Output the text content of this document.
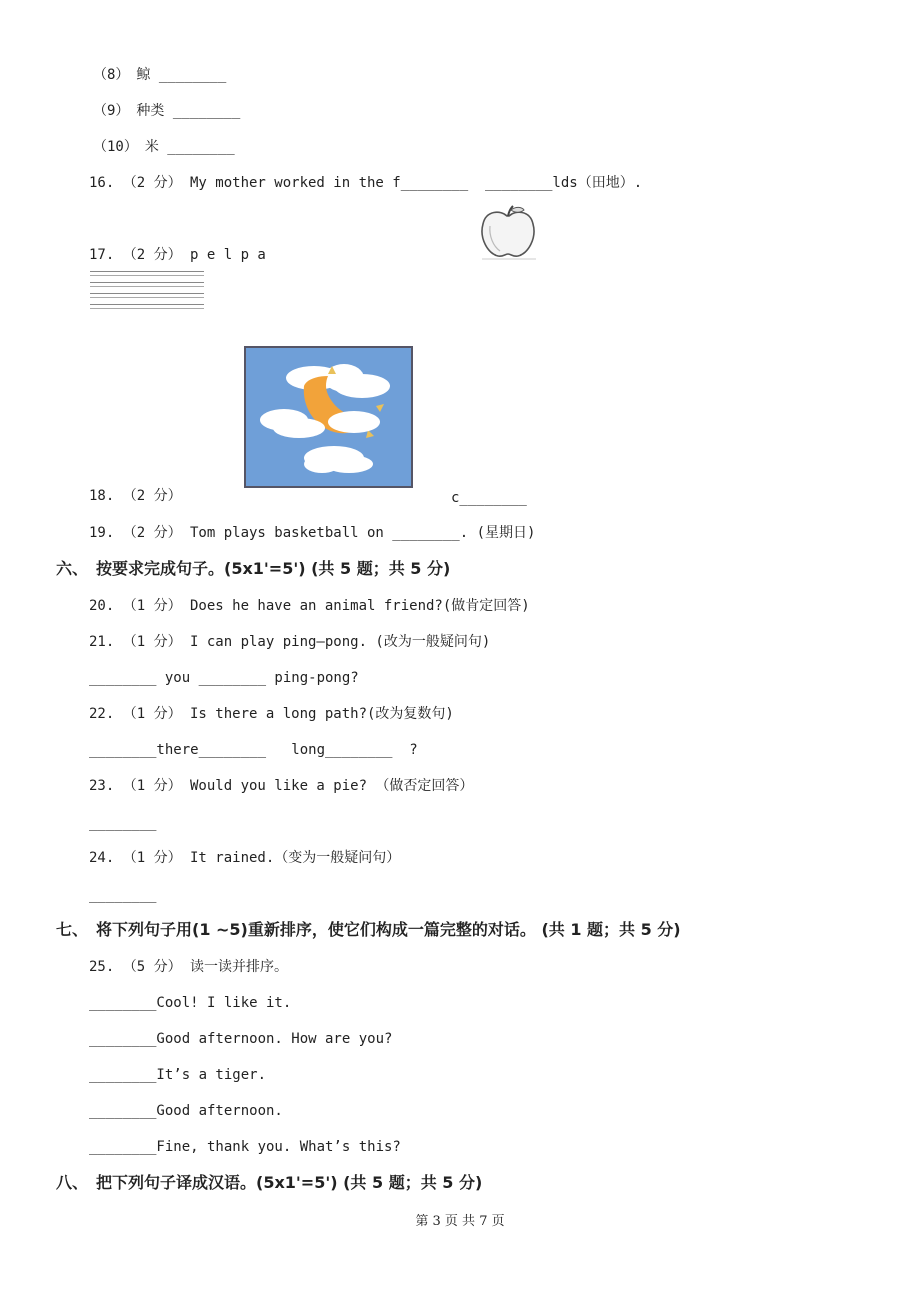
（8）　鲸 ________
（9）　种类 ________
（10）　米 ________
16. （2 分） My mother worked in the f________  ________lds（田地）.
17. （2 分） p e l p a
18. （2 分）	c________
19. （2 分） Tom plays basketball on ________. (星期日)
六、　按要求完成句子。(5x1'=5') (共 5 题；共 5 分)
20. （1 分） Does he have an animal friend?(做肯定回答)
21. （1 分） I can play ping—pong. (改为一般疑问句)
________ you ________ ping-pong?
22. （1 分） Is there a long path?(改为复数句)
________there________   long________  ?
23. （1 分） Would you like a pie? （做否定回答）
________
24. （1 分） It rained.（变为一般疑问句）
________
七、　将下列句子用(1 ~5)重新排序，使它们构成一篇完整的对话。 (共 1 题；共 5 分)
25. （5 分） 读一读并排序。
________Cool! I like it.
________Good afternoon. How are you?
________It’s a tiger.
________Good afternoon.
________Fine, thank you. What’s this?
八、　把下列句子译成汉语。(5x1'=5') (共 5 题；共 5 分)
第 3 页 共 7 页
